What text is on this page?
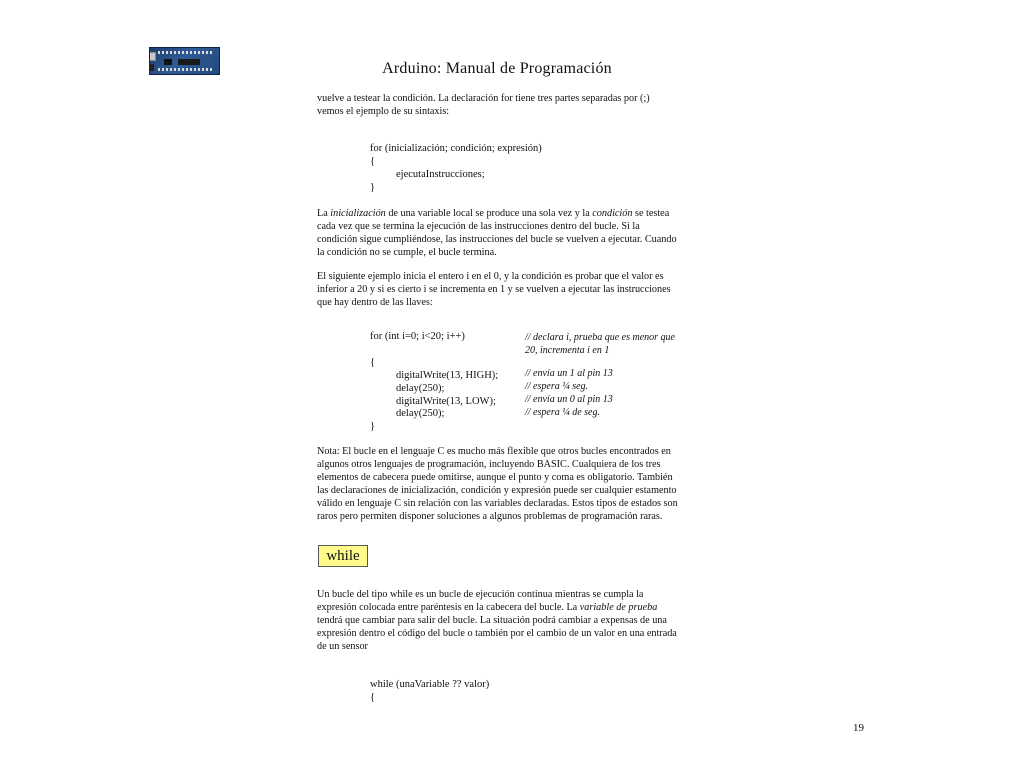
Arduino: Manual de Programación
vuelve a testear la condición. La declaración for tiene tres partes separadas por (;)
vemos el ejemplo de su sintaxis:
for (inicialización; condición; expresión)
{
ejecutaInstrucciones;
}
La inicialización de una variable local se produce una sola vez y la condición se testea
cada vez que se termina la ejecución de las instrucciones dentro del bucle. Si la
condición sigue cumpliéndose, las instrucciones del bucle se vuelven a ejecutar. Cuando
la condición no se cumple, el bucle termina.
El siguiente ejemplo inicia el entero i en el 0, y la condición es probar que el valor es
inferior a 20 y si es cierto i se incrementa en 1 y se vuelven a ejecutar las instrucciones
que hay dentro de las llaves:
for (int i=0; i<20; i++)
{
digitalWrite(13, HIGH);
delay(250);
digitalWrite(13, LOW);
delay(250);
}
// declara i, prueba que es menor que
20, incrementa i en 1
// envía un 1 al pin 13
// espera ¼ seg.
// envía un 0 al pin 13
// espera ¼ de seg.
Nota: El bucle en el lenguaje C es mucho más flexible que otros bucles encontrados en
algunos otros lenguajes de programación, incluyendo BASIC. Cualquiera de los tres
elementos de cabecera puede omitirse, aunque el punto y coma es obligatorio. También
las declaraciones de inicialización, condición y expresión puede ser cualquier estamento
válido en lenguaje C sin relación con las variables declaradas. Estos tipos de estados son
raros pero permiten disponer soluciones a algunos problemas de programación raras.
while
Un bucle del tipo while es un bucle de ejecución continua mientras se cumpla la
expresión colocada entre paréntesis en la cabecera del bucle. La variable de prueba
tendrá que cambiar para salir del bucle. La situación podrá cambiar a expensas de una
expresión dentro el código del bucle o también por el cambio de un valor en una entrada
de un sensor
while (unaVariable ?? valor)
{
19
